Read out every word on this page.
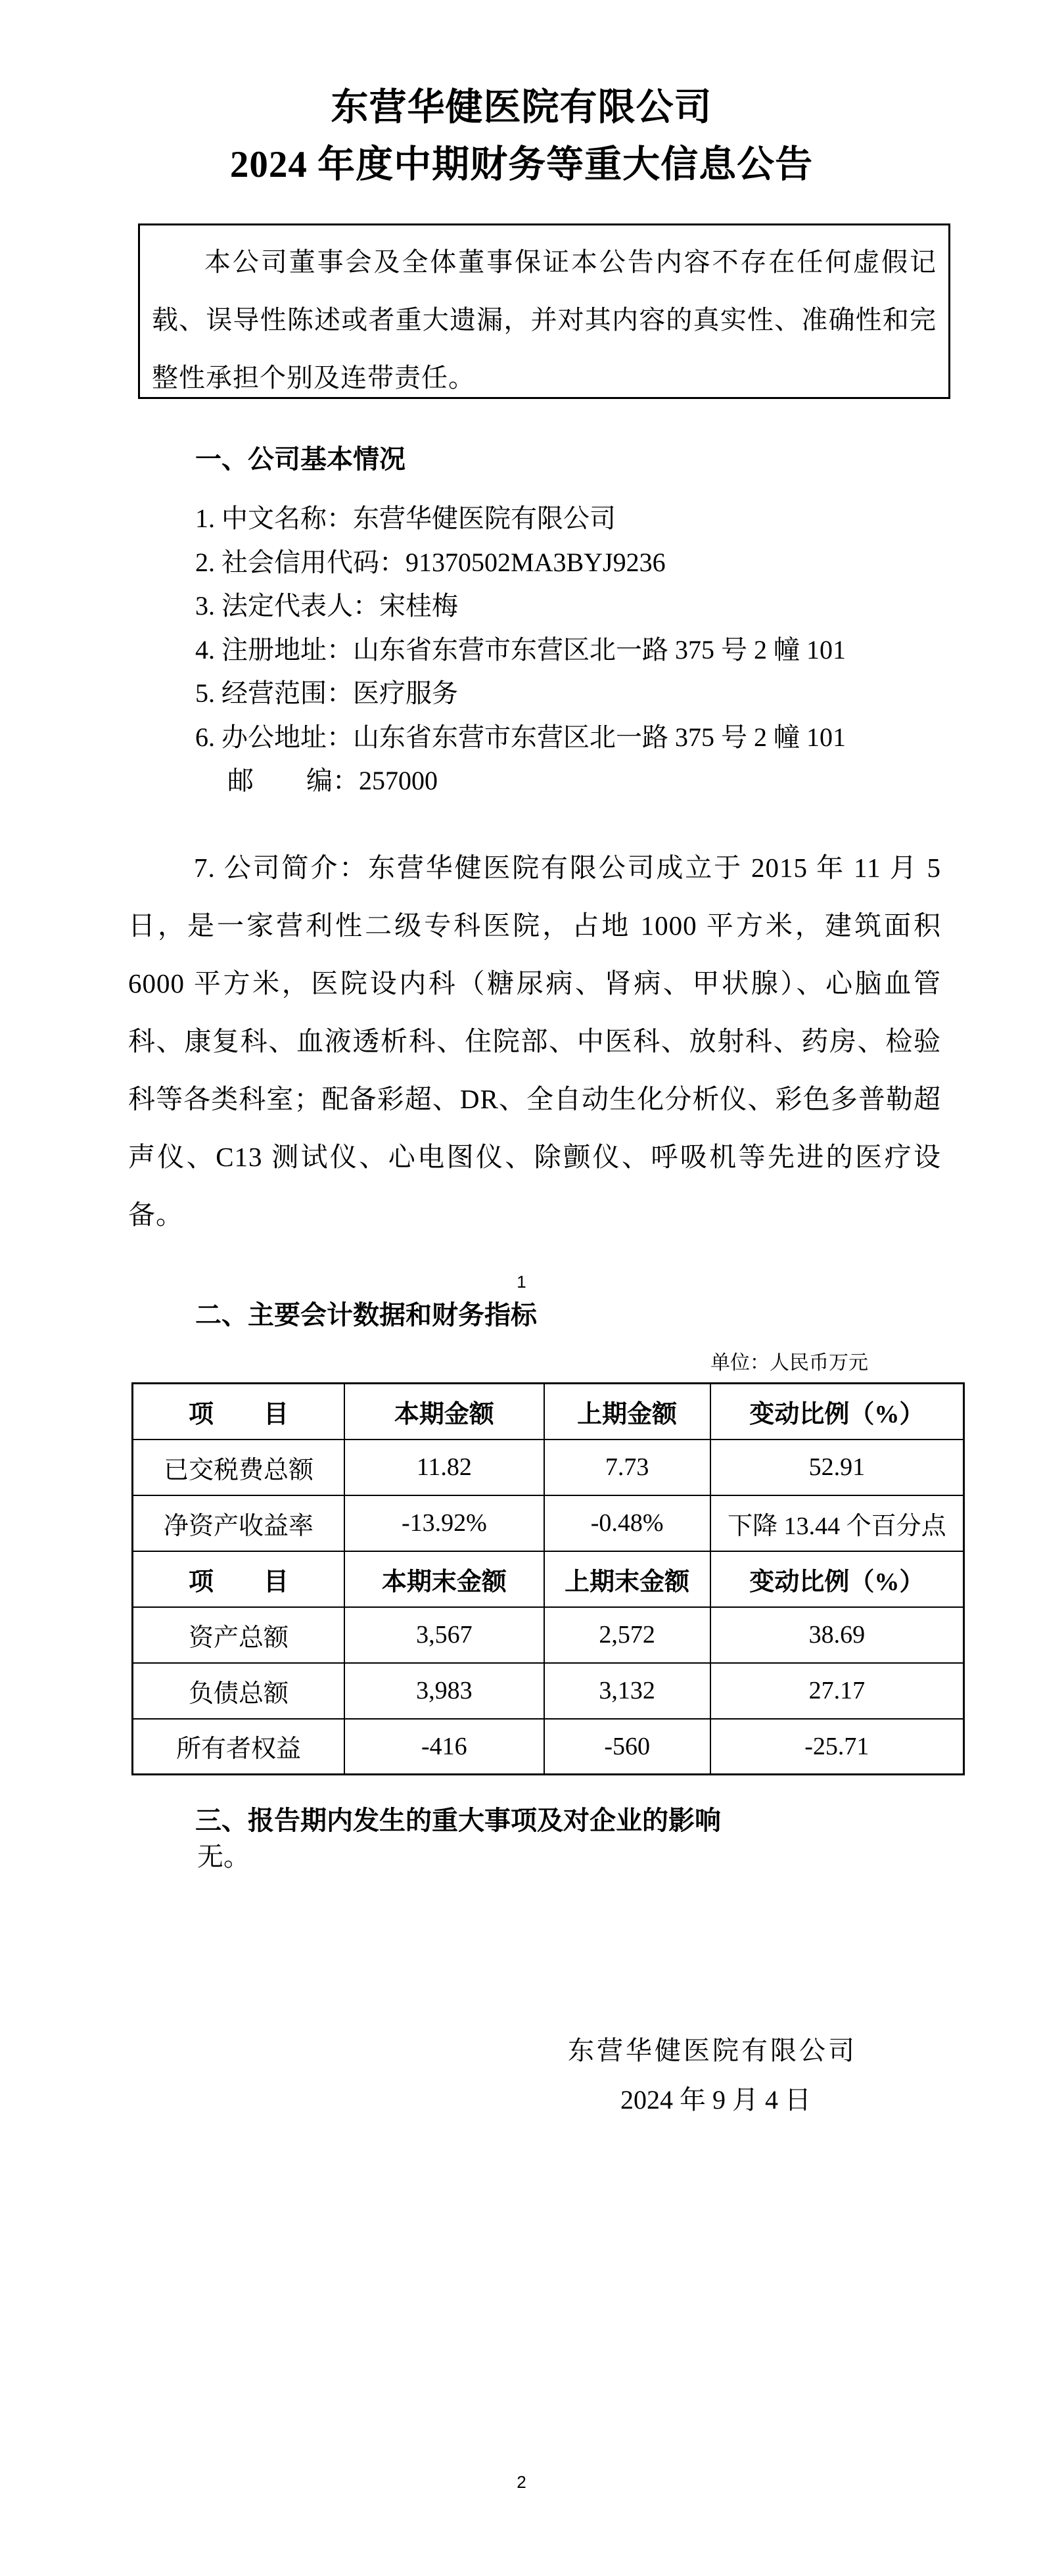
东营华健医院有限公司
2024 年度中期财务等重大信息公告

本公司董事会及全体董事保证本公告内容不存在任何虚假记载、误导性陈述或者重大遗漏，并对其内容的真实性、准确性和完整性承担个别及连带责任。

一、公司基本情况
1. 中文名称：东营华健医院有限公司
2. 社会信用代码：91370502MA3BYJ9236
3. 法定代表人：宋桂梅
4. 注册地址：山东省东营市东营区北一路 375 号 2 幢 101
5. 经营范围：医疗服务
6. 办公地址：山东省东营市东营区北一路 375 号 2 幢 101
邮　　编：257000

7. 公司简介：东营华健医院有限公司成立于 2015 年 11 月 5 日，是一家营利性二级专科医院，占地 1000 平方米，建筑面积 6000 平方米，医院设内科（糖尿病、肾病、甲状腺）、心脑血管科、康复科、血液透析科、住院部、中医科、放射科、药房、检验科等各类科室；配备彩超、DR、全自动生化分析仪、彩色多普勒超声仪、C13 测试仪、心电图仪、除颤仪、呼吸机等先进的医疗设备。

1
二、主要会计数据和财务指标
单位：人民币万元
项　　目	本期金额	上期金额	变动比例（%）
已交税费总额	11.82	7.73	52.91
净资产收益率	-13.92%	-0.48%	下降 13.44 个百分点
项　　目	本期末金额	上期末金额	变动比例（%）
资产总额	3,567	2,572	38.69
负债总额	3,983	3,132	27.17
所有者权益	-416	-560	-25.71
三、报告期内发生的重大事项及对企业的影响
无。
东营华健医院有限公司
2024 年 9 月 4 日
2
